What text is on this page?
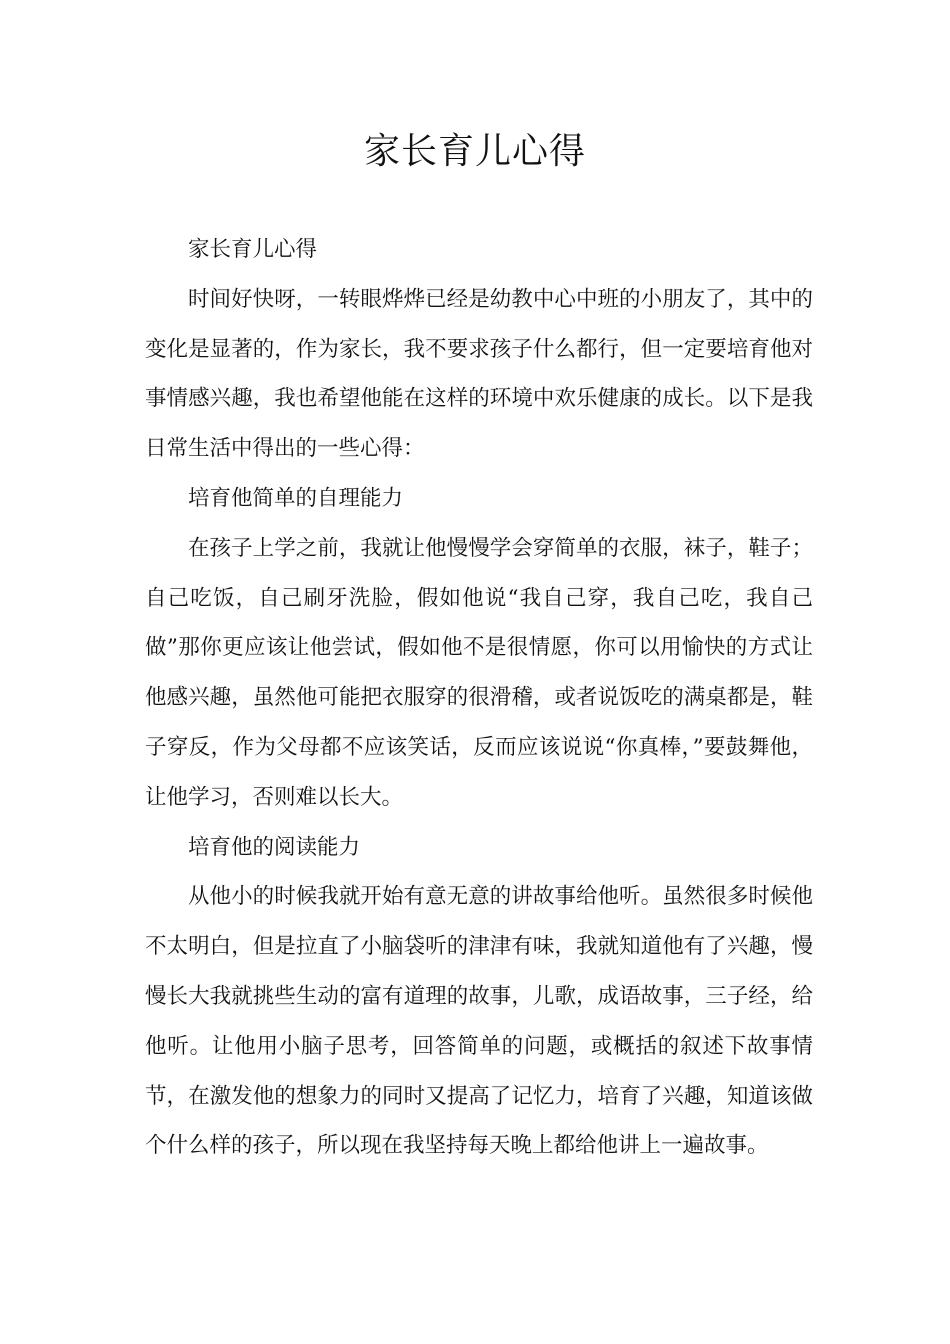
家长育儿心得

家长育儿心得

时间好快呀，一转眼烨烨已经是幼教中心中班的小朋友了，其中的变化是显著的，作为家长，我不要求孩子什么都行，但一定要培育他对事情感兴趣，我也希望他能在这样的环境中欢乐健康的成长。以下是我日常生活中得出的一些心得：

培育他简单的自理能力

在孩子上学之前，我就让他慢慢学会穿简单的衣服，袜子，鞋子；自己吃饭，自己刷牙洗脸，假如他说“我自己穿，我自己吃，我自己做”那你更应该让他尝试，假如他不是很情愿，你可以用愉快的方式让他感兴趣，虽然他可能把衣服穿的很滑稽，或者说饭吃的满桌都是，鞋子穿反，作为父母都不应该笑话，反而应该说说“你真棒，”要鼓舞他，让他学习，否则难以长大。

培育他的阅读能力

从他小的时候我就开始有意无意的讲故事给他听。虽然很多时候他不太明白，但是拉直了小脑袋听的津津有味，我就知道他有了兴趣，慢慢长大我就挑些生动的富有道理的故事，儿歌，成语故事，三子经，给他听。让他用小脑子思考，回答简单的问题，或概括的叙述下故事情节，在激发他的想象力的同时又提高了记忆力，培育了兴趣，知道该做个什么样的孩子，所以现在我坚持每天晚上都给他讲上一遍故事。
